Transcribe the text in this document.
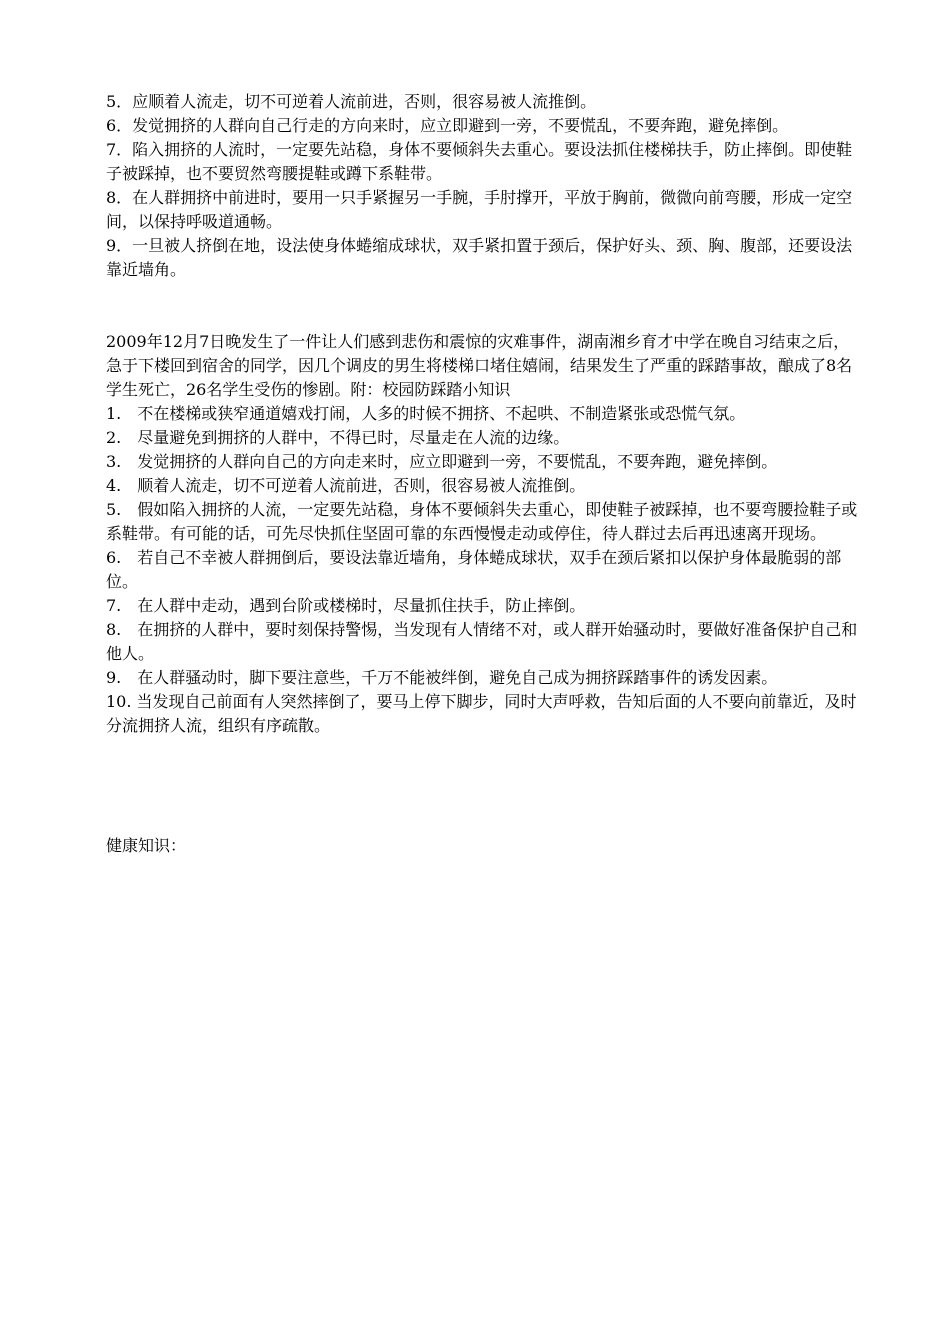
5．应顺着人流走，切不可逆着人流前进，否则，很容易被人流推倒。
6．发觉拥挤的人群向自己行走的方向来时，应立即避到一旁，不要慌乱，不要奔跑，避免摔倒。
7．陷入拥挤的人流时，一定要先站稳，身体不要倾斜失去重心。要设法抓住楼梯扶手，防止摔倒。即使鞋子被踩掉，也不要贸然弯腰提鞋或蹲下系鞋带。
8．在人群拥挤中前进时，要用一只手紧握另一手腕，手肘撑开，平放于胸前，微微向前弯腰，形成一定空间，以保持呼吸道通畅。
9．一旦被人挤倒在地，设法使身体蜷缩成球状，双手紧扣置于颈后，保护好头、颈、胸、腹部，还要设法靠近墙角。

2009年12月7日晚发生了一件让人们感到悲伤和震惊的灾难事件，湖南湘乡育才中学在晚自习结束之后，急于下楼回到宿舍的同学，因几个调皮的男生将楼梯口堵住嬉闹，结果发生了严重的踩踏事故，酿成了8名学生死亡，26名学生受伤的惨剧。附：校园防踩踏小知识

1.　不在楼梯或狭窄通道嬉戏打闹，人多的时候不拥挤、不起哄、不制造紧张或恐慌气氛。
2.　尽量避免到拥挤的人群中，不得已时，尽量走在人流的边缘。
3.　发觉拥挤的人群向自己的方向走来时，应立即避到一旁，不要慌乱，不要奔跑，避免摔倒。
4.　顺着人流走，切不可逆着人流前进，否则，很容易被人流推倒。
5.　假如陷入拥挤的人流，一定要先站稳，身体不要倾斜失去重心，即使鞋子被踩掉，也不要弯腰捡鞋子或系鞋带。有可能的话，可先尽快抓住坚固可靠的东西慢慢走动或停住，待人群过去后再迅速离开现场。
6.　若自己不幸被人群拥倒后，要设法靠近墙角，身体蜷成球状，双手在颈后紧扣以保护身体最脆弱的部位。
7.　在人群中走动，遇到台阶或楼梯时，尽量抓住扶手，防止摔倒。
8.　在拥挤的人群中，要时刻保持警惕，当发现有人情绪不对，或人群开始骚动时，要做好准备保护自己和他人。
9.　在人群骚动时，脚下要注意些，千万不能被绊倒，避免自己成为拥挤踩踏事件的诱发因素。
10. 当发现自己前面有人突然摔倒了，要马上停下脚步，同时大声呼救，告知后面的人不要向前靠近，及时分流拥挤人流，组织有序疏散。

健康知识：
